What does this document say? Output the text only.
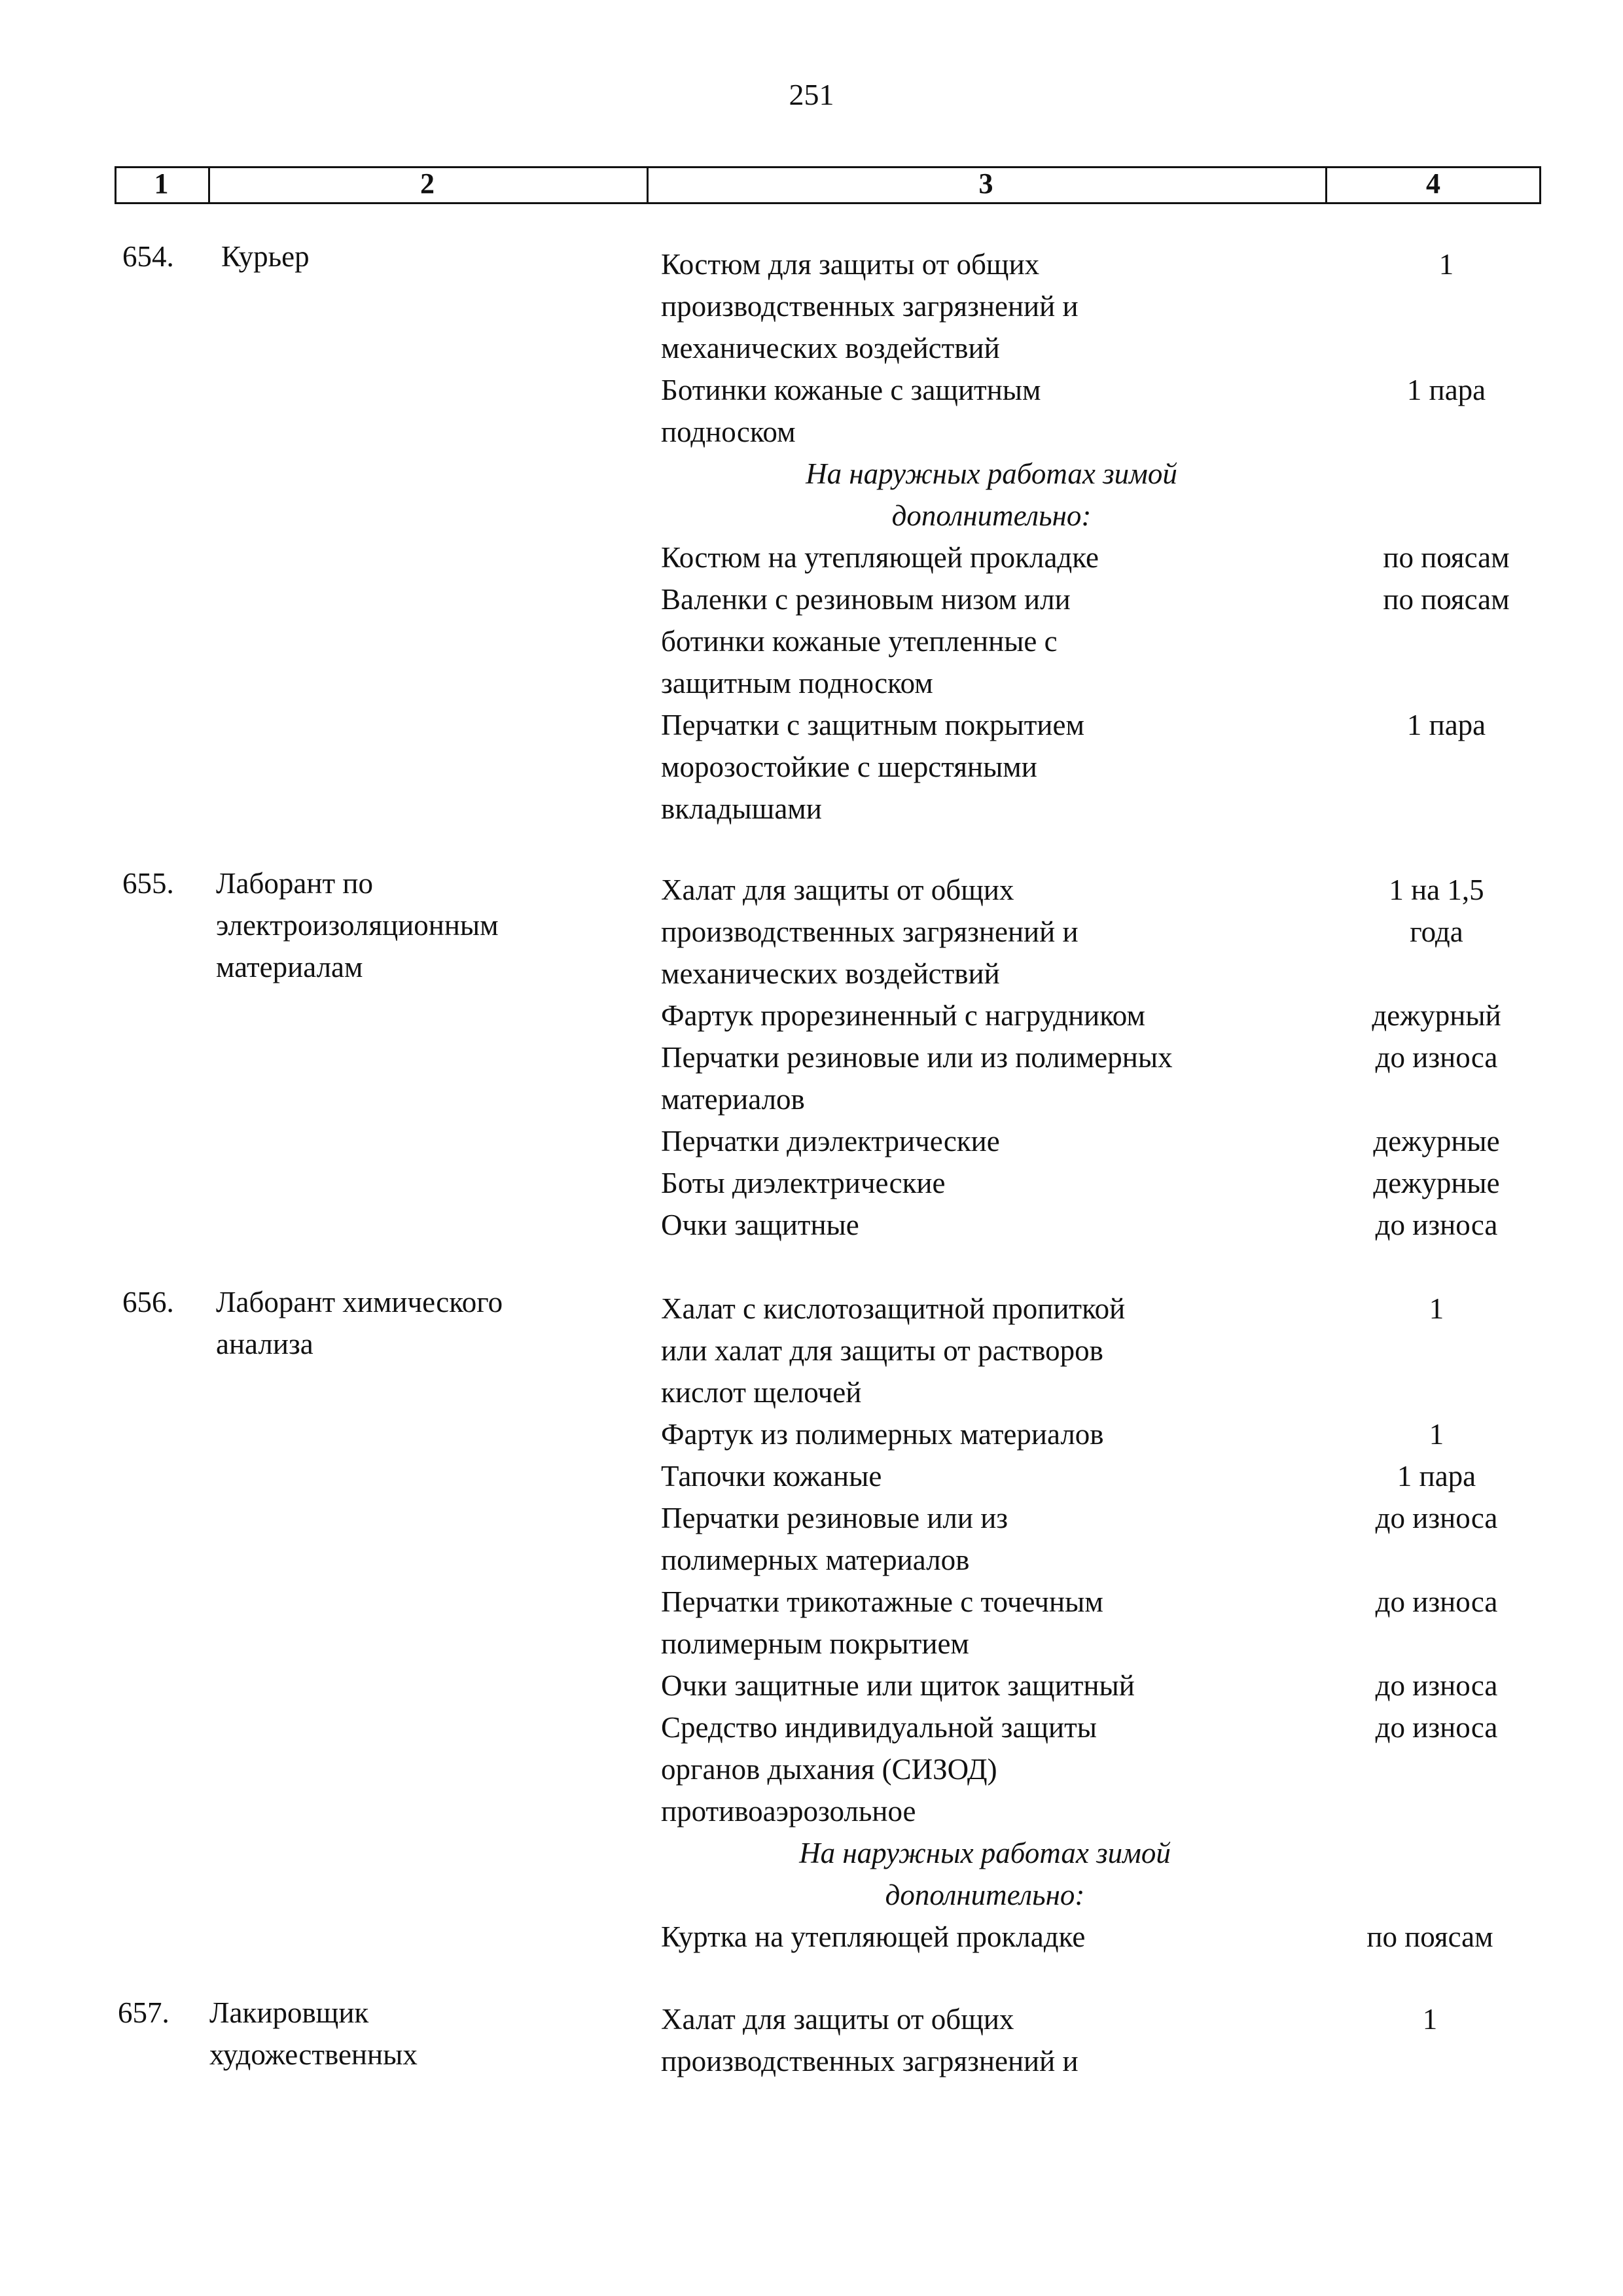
251
1	2	3	4
654. Курьер	Костюм для защиты от общих	1
производственных загрязнений и
механических воздействий
Ботинки кожаные с защитным	1 пара
подноском
На наружных работах зимой
дополнительно:
Костюм на утепляющей прокладке	по поясам
Валенки с резиновым низом или	по поясам
ботинки кожаные утепленные с
защитным подноском
Перчатки с защитным покрытием	1 пара
морозостойкие с шерстяными
вкладышами
655. Лаборант по
электроизоляционным
материалам
Халат для защиты от общих	1 на 1,5
производственных загрязнений и	года
механических воздействий
Фартук прорезиненный с нагрудником	дежурный
Перчатки резиновые или из полимерных	до износа
материалов
Перчатки диэлектрические	дежурные
Боты диэлектрические	дежурные
Очки защитные	до износа
656. Лаборант химического
анализа
Халат с кислотозащитной пропиткой	1
или халат для защиты от растворов
кислот щелочей
Фартук из полимерных материалов	1
Тапочки кожаные	1 пара
Перчатки резиновые или из	до износа
полимерных материалов
Перчатки трикотажные с точечным	до износа
полимерным покрытием
Очки защитные или щиток защитный	до износа
Средство индивидуальной защиты	до износа
органов дыхания (СИЗОД)
противоаэрозольное
На наружных работах зимой
дополнительно:
Куртка на утепляющей прокладке	по поясам
657. Лакировщик
художественных
Халат для защиты от общих	1
производственных загрязнений и
